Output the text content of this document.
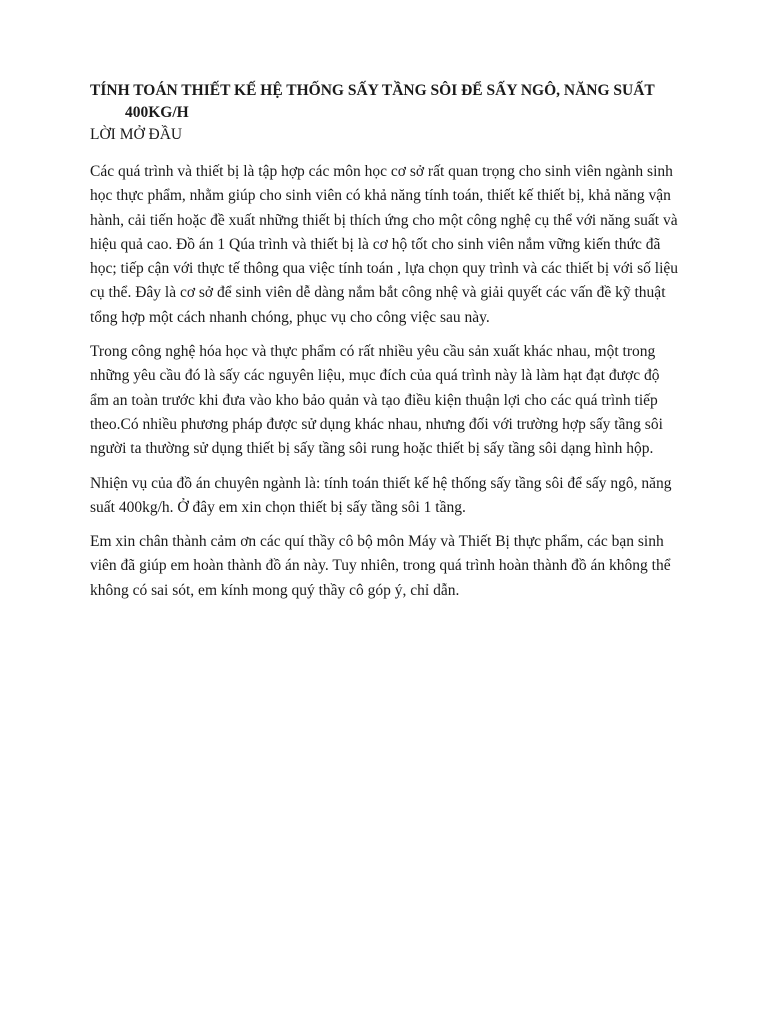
TÍNH TOÁN THIẾT KẾ HỆ THỐNG SẤY TẦNG SÔI ĐỂ SẤY NGÔ, NĂNG SUẤT 400KG/H
LỜI MỞ ĐẦU

Các quá trình và thiết bị là tập hợp các môn học cơ sở rất quan trọng cho sinh viên ngành sinh học thực phẩm, nhằm giúp cho sinh viên có khả năng tính toán, thiết kế thiết bị, khả năng vận hành, cải tiến hoặc đề xuất những thiết bị thích ứng cho một công nghệ cụ thể với năng suất và hiệu quả cao. Đồ án 1 Qúa trình và thiết bị là cơ hộ tốt cho sinh viên nắm vững kiến thức đã học; tiếp cận với thực tế thông qua việc tính toán , lựa chọn quy trình và các thiết bị với số liệu cụ thể. Đây là cơ sở để sinh viên dễ dàng nắm bắt công nhệ và giải quyết các vấn đề kỹ thuật tổng hợp một cách nhanh chóng, phục vụ cho công việc sau này.

Trong công nghệ hóa học và thực phẩm có rất nhiều yêu cầu sản xuất khác nhau, một trong những yêu cầu đó là sấy các nguyên liệu, mục đích của quá trình này là làm hạt đạt được độ ẩm an toàn trước khi đưa vào kho bảo quản và tạo điều kiện thuận lợi cho các quá trình tiếp theo.Có nhiều phương pháp được sử dụng khác nhau, nhưng đối với trường hợp sấy tầng sôi người ta thường sử dụng thiết bị sấy tầng sôi rung hoặc thiết bị sấy tầng sôi dạng hình hộp.

Nhiện vụ của đồ án chuyên ngành là: tính toán thiết kế hệ thống sấy tầng sôi để sấy ngô, năng suất 400kg/h. Ở đây em xin chọn thiết bị sấy tầng sôi 1 tầng.

Em xin chân thành cảm ơn các quí thầy cô bộ môn Máy và Thiết Bị thực phẩm, các bạn sinh viên đã giúp em hoàn thành đồ án này. Tuy nhiên, trong quá trình hoàn thành đồ án không thể không có sai sót, em kính mong quý thầy cô góp ý, chỉ dẫn.
